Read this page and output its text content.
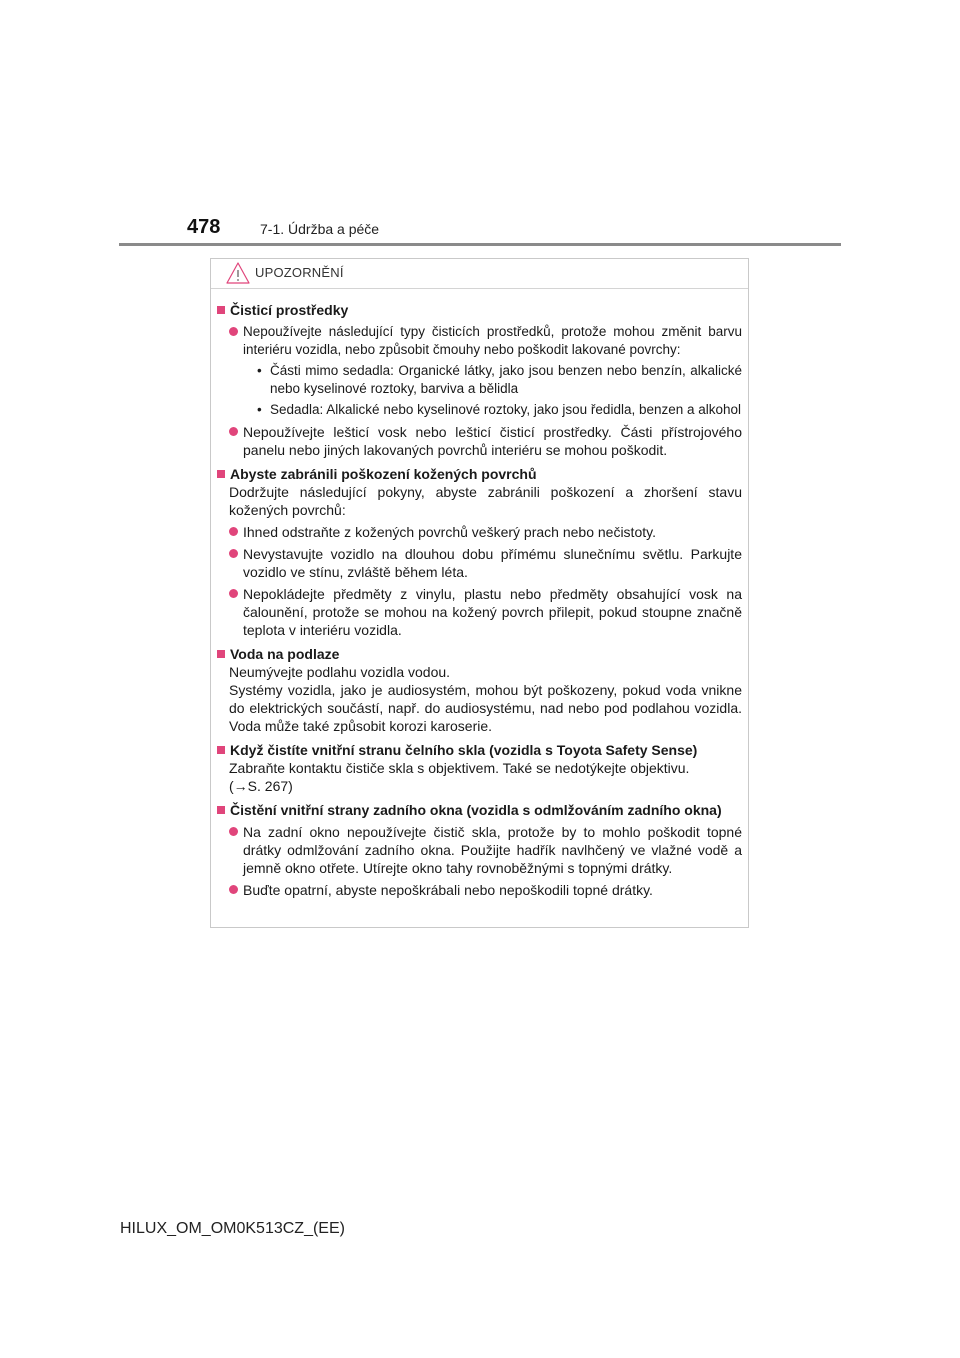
478	7-1. Údržba a péče
UPOZORNĚNÍ
Čisticí prostředky
Nepoužívejte následující typy čisticích prostředků, protože mohou změnit barvu interiéru vozidla, nebo způsobit čmouhy nebo poškodit lakované povrchy:
• Části mimo sedadla: Organické látky, jako jsou benzen nebo benzín, alkalické nebo kyselinové roztoky, barviva a bělidla
• Sedadla: Alkalické nebo kyselinové roztoky, jako jsou ředidla, benzen a alkohol
Nepoužívejte lešticí vosk nebo lešticí čisticí prostředky. Části přístrojového panelu nebo jiných lakovaných povrchů interiéru se mohou poškodit.
Abyste zabránili poškození kožených povrchů
Dodržujte následující pokyny, abyste zabránili poškození a zhoršení stavu kožených povrchů:
Ihned odstraňte z kožených povrchů veškerý prach nebo nečistoty.
Nevystavujte vozidlo na dlouhou dobu přímému slunečnímu světlu. Parkujte vozidlo ve stínu, zvláště během léta.
Nepokládejte předměty z vinylu, plastu nebo předměty obsahující vosk na čalounění, protože se mohou na kožený povrch přilepit, pokud stoupne značně teplota v interiéru vozidla.
Voda na podlaze
Neumývejte podlahu vozidla vodou.
Systémy vozidla, jako je audiosystém, mohou být poškozeny, pokud voda vnikne do elektrických součástí, např. do audiosystému, nad nebo pod podlahou vozidla. Voda může také způsobit korozi karoserie.
Když čistíte vnitřní stranu čelního skla (vozidla s Toyota Safety Sense)
Zabraňte kontaktu čističe skla s objektivem. Také se nedotýkejte objektivu.
(→S. 267)
Čistění vnitřní strany zadního okna (vozidla s odmlžováním zadního okna)
Na zadní okno nepoužívejte čistič skla, protože by to mohlo poškodit topné drátky odmlžování zadního okna. Použijte hadřík navlhčený ve vlažné vodě a jemně okno otřete. Utírejte okno tahy rovnoběžnými s topnými drátky.
Buďte opatrní, abyste nepoškrábali nebo nepoškodili topné drátky.
HILUX_OM_OM0K513CZ_(EE)
